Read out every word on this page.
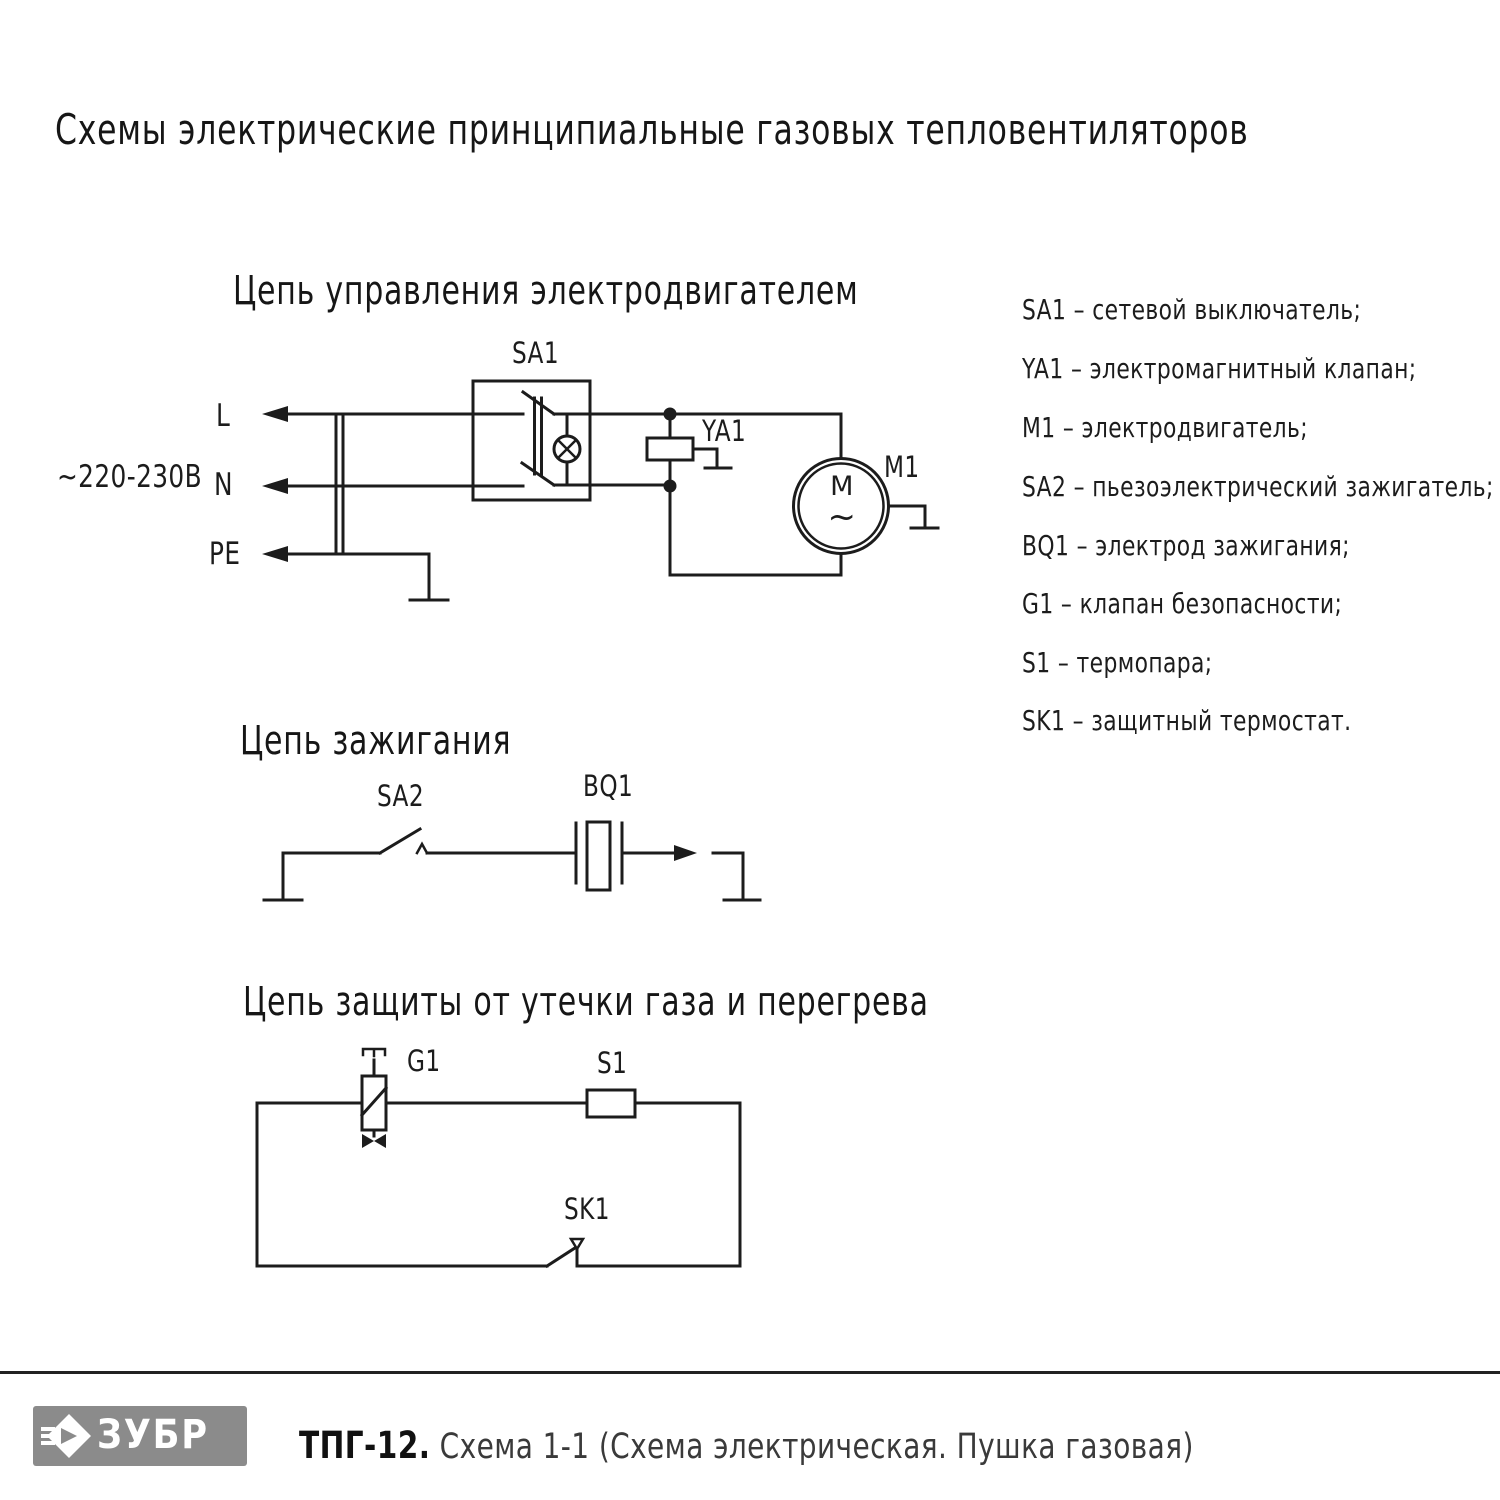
Схемы электрические принципиальные газовых тепловентиляторов
Цепь управления электродвигателем
Цепь зажигания
Цепь защиты от утечки газа и перегрева
~220-230В
L
N
PE
SA1
YA1
M1
M
~
SA2	BQ1
G1	S1
SK1
SA1 – сетевой выключатель;
YA1 – электромагнитный клапан;
M1 – электродвигатель;
SA2 – пьезоэлектрический зажигатель;
BQ1 – электрод зажигания;
G1 – клапан безопасности;
S1 – термопара;
SK1 – защитный термостат.
ЗУБР ТПГ-12. Схема 1-1 (Схема электрическая. Пушка газовая)
